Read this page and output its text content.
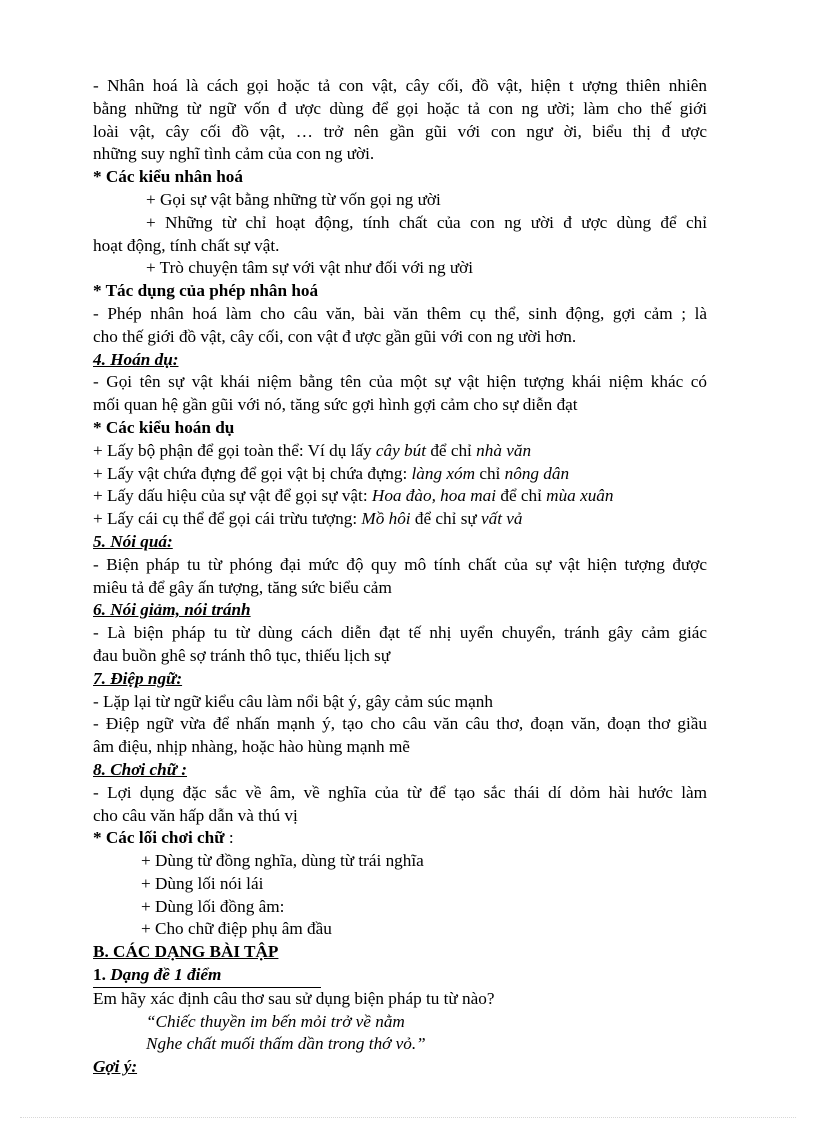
- Nhân hoá là cách gọi hoặc tả con vật, cây cối, đồ vật, hiện t ượng thiên nhiên
bằng những từ ngữ vốn đ ược dùng để gọi hoặc tả con ng ười; làm cho thế giới
loài vật, cây cối đồ vật, … trở nên gần gũi với con ngư ời, biểu thị đ ược
những suy nghĩ tình cảm của con ng ười.

* Các kiểu nhân hoá

+ Gọi sự vật bằng những từ vốn gọi ng ười

+ Những từ chỉ hoạt động, tính chất của con ng ười đ ược dùng để chỉ
hoạt động, tính chất sự vật.

+ Trò chuyện tâm sự với vật như đối với ng ười

* Tác dụng của phép nhân hoá

- Phép nhân hoá làm cho câu văn, bài văn thêm cụ thể, sinh động, gợi cảm ; là
cho thế giới đồ vật, cây cối, con vật đ ược gần gũi với con ng ười hơn.

4. Hoán dụ:

- Gọi tên sự vật khái niệm bằng tên của một sự vật hiện tượng khái niệm khác có
mối quan hệ gần gũi với nó, tăng sức gợi hình gợi cảm cho sự diễn đạt

* Các kiểu hoán dụ

+ Lấy bộ phận để gọi toàn thể: Ví dụ lấy cây bút để chỉ nhà văn

+ Lấy vật chứa đựng để gọi vật bị chứa đựng: làng xóm chỉ nông dân

+ Lấy dấu hiệu của sự vật để gọi sự vật: Hoa đào, hoa mai để chỉ mùa xuân

+ Lấy cái cụ thể để gọi cái trừu tượng: Mồ hôi để chỉ sự vất vả

5. Nói quá:

- Biện pháp tu từ phóng đại mức độ quy mô tính chất của sự vật hiện tượng được
miêu tả để gây ấn tượng, tăng sức biểu cảm

6. Nói giảm, nói tránh

- Là biện pháp tu từ dùng cách diễn đạt tế nhị uyển chuyển, tránh gây cảm giác
đau buồn ghê sợ tránh thô tục, thiếu lịch sự

7. Điệp ngữ:

- Lặp lại từ ngữ kiểu câu làm nổi bật ý, gây cảm súc mạnh
- Điệp ngữ vừa để nhấn mạnh ý, tạo cho câu văn câu thơ, đoạn văn, đoạn thơ giầu
âm điệu, nhịp nhàng, hoặc hào hùng mạnh mẽ

8. Chơi chữ :

- Lợi dụng đặc sắc về âm, về nghĩa của từ để tạo sắc thái dí dỏm hài hước làm
cho câu văn hấp dẫn và thú vị

* Các lối chơi chữ :

+ Dùng từ đồng nghĩa, dùng từ trái nghĩa

+ Dùng lối nói lái

+ Dùng lối đồng âm:

+ Cho chữ điệp phụ âm đầu

B. CÁC DẠNG BÀI TẬP

1. Dạng đề 1 điểm

Em hãy xác định câu thơ sau sử dụng biện pháp tu từ nào?

“Chiếc thuyền im bến mỏi trở về nằm

Nghe chất muối thấm dần trong thớ vỏ.”

Gợi ý:
